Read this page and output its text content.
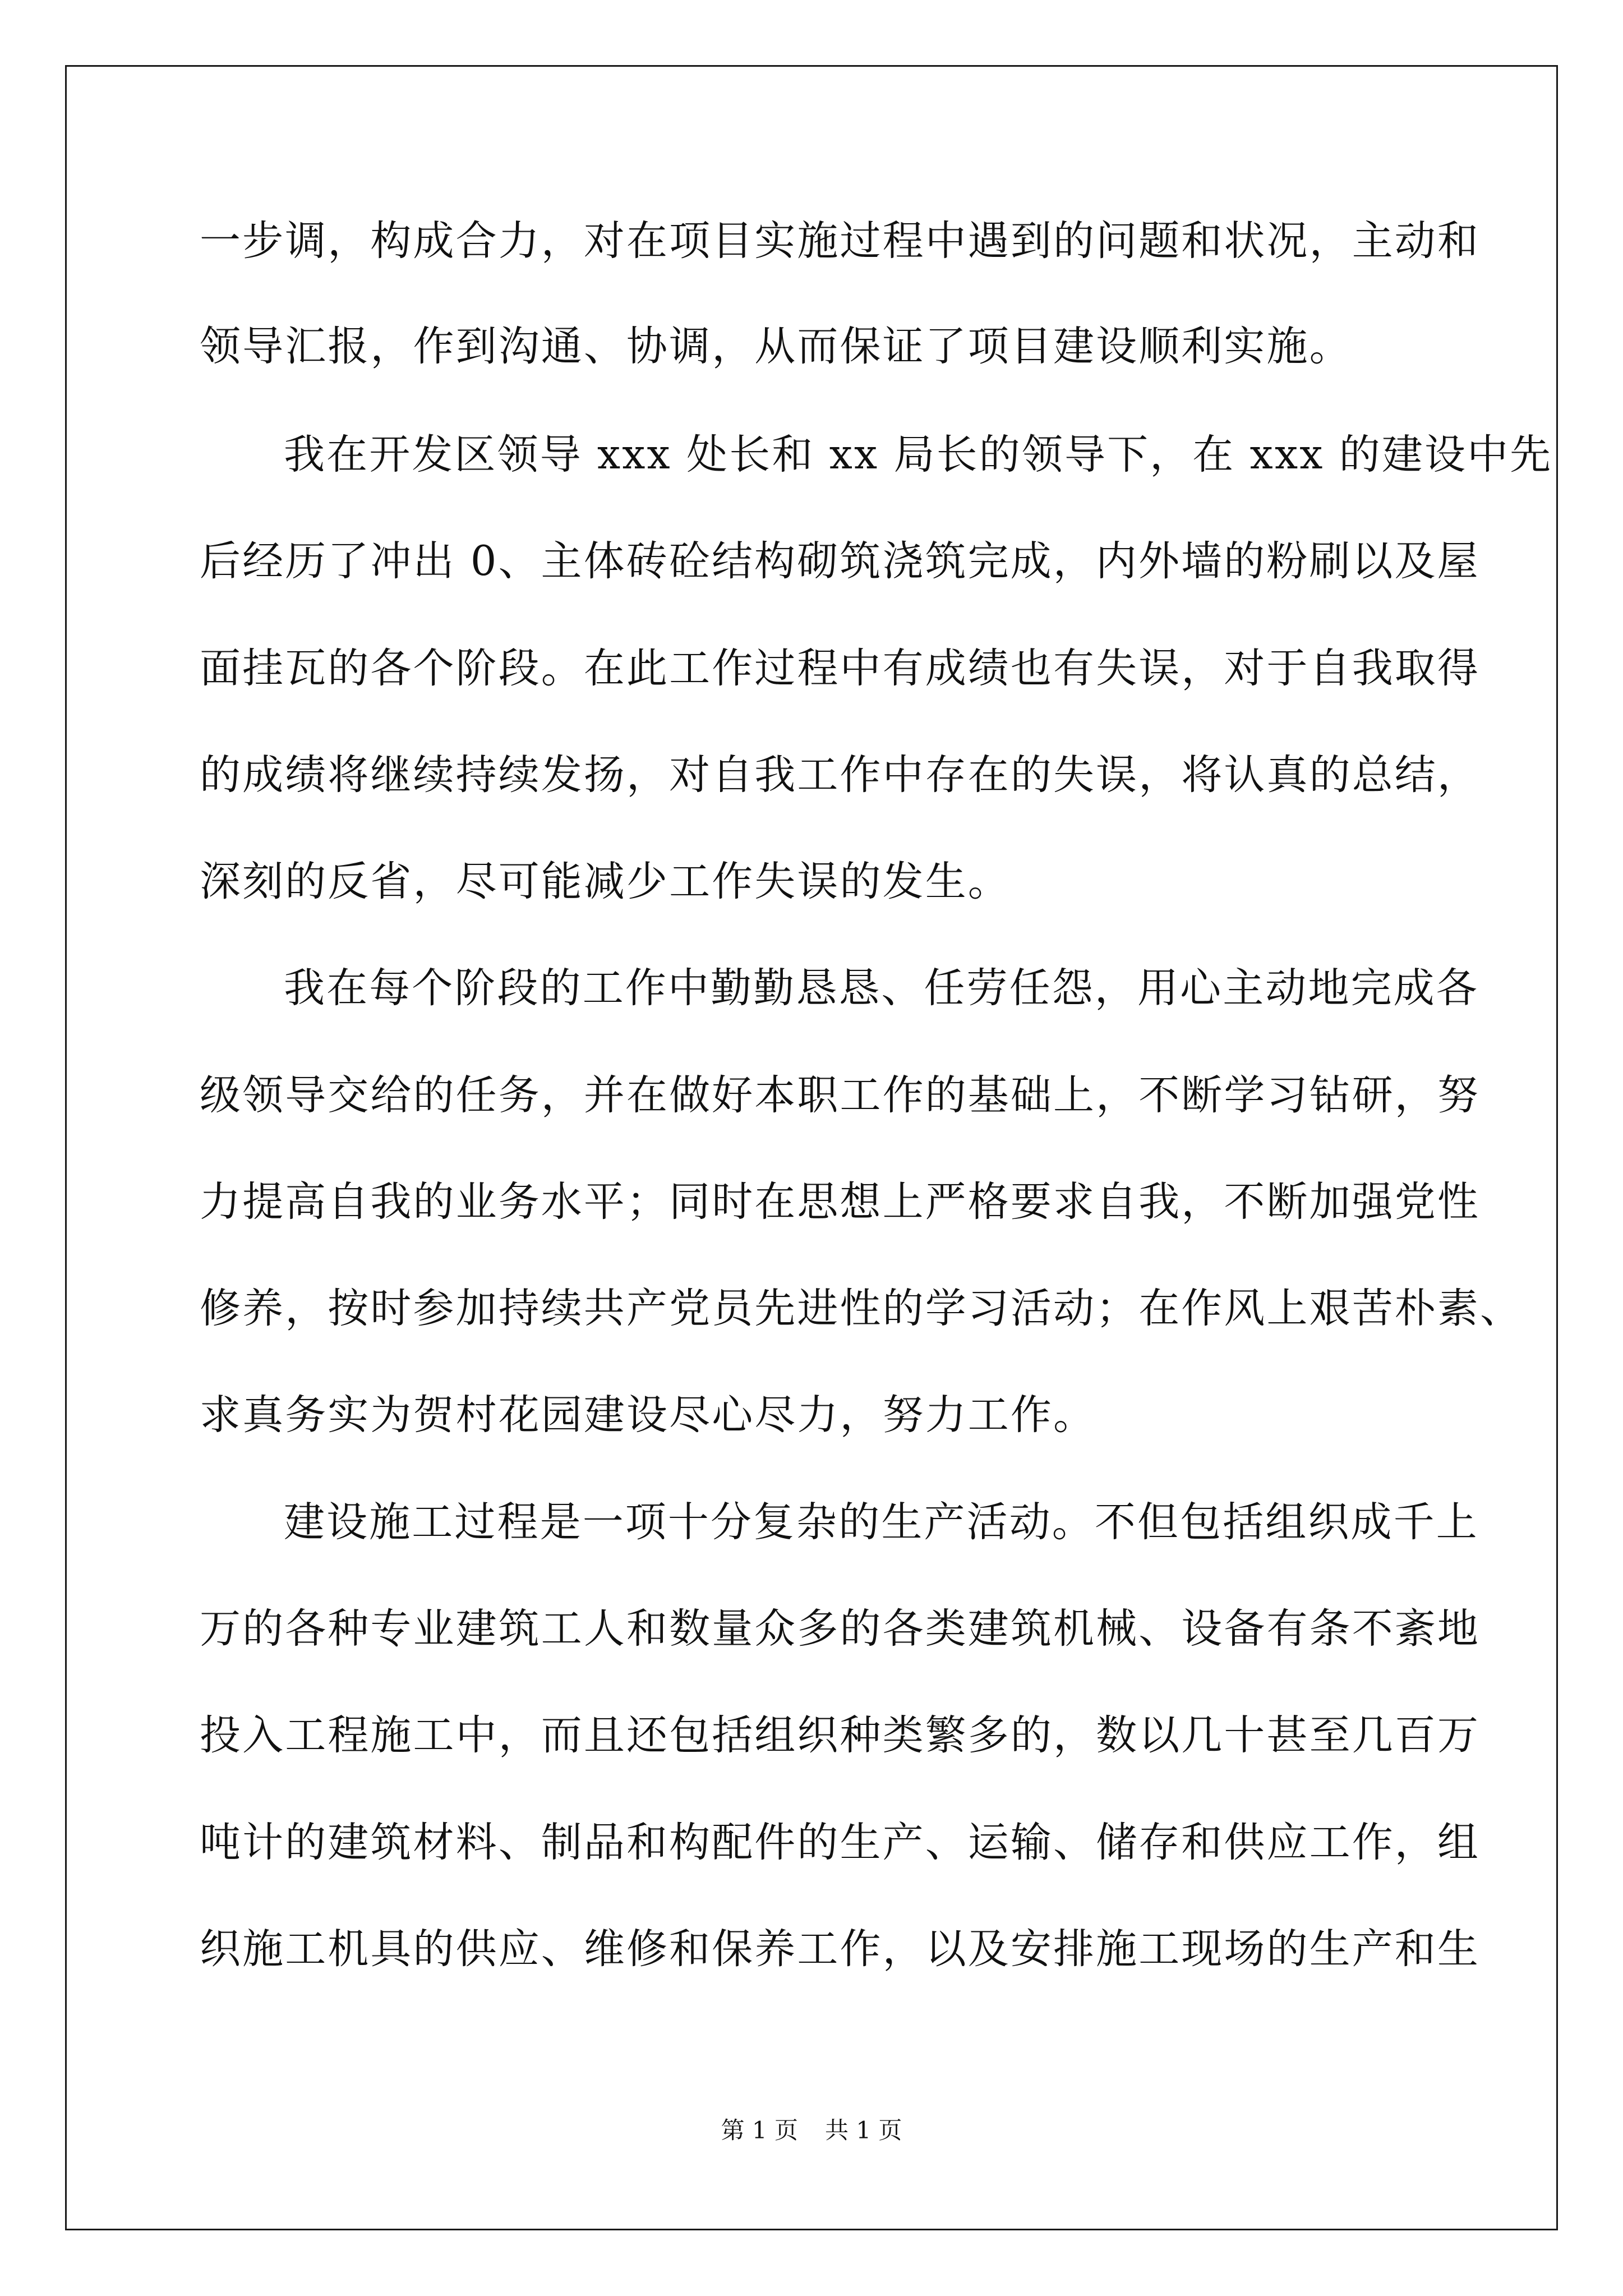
一步调，构成合力，对在项目实施过程中遇到的问题和状况，主动和
领导汇报，作到沟通、协调，从而保证了项目建设顺利实施。
我在开发区领导 xxx 处长和 xx 局长的领导下，在 xxx 的建设中先
后经历了冲出 0、主体砖砼结构砌筑浇筑完成，内外墙的粉刷以及屋
面挂瓦的各个阶段。在此工作过程中有成绩也有失误，对于自我取得
的成绩将继续持续发扬，对自我工作中存在的失误，将认真的总结，
深刻的反省，尽可能减少工作失误的发生。
我在每个阶段的工作中勤勤恳恳、任劳任怨，用心主动地完成各
级领导交给的任务，并在做好本职工作的基础上，不断学习钻研，努
力提高自我的业务水平；同时在思想上严格要求自我，不断加强党性
修养，按时参加持续共产党员先进性的学习活动；在作风上艰苦朴素、
求真务实为贺村花园建设尽心尽力，努力工作。
建设施工过程是一项十分复杂的生产活动。不但包括组织成千上
万的各种专业建筑工人和数量众多的各类建筑机械、设备有条不紊地
投入工程施工中，而且还包括组织种类繁多的，数以几十甚至几百万
吨计的建筑材料、制品和构配件的生产、运输、储存和供应工作，组
织施工机具的供应、维修和保养工作，以及安排施工现场的生产和生
第 1 页 共 1 页
